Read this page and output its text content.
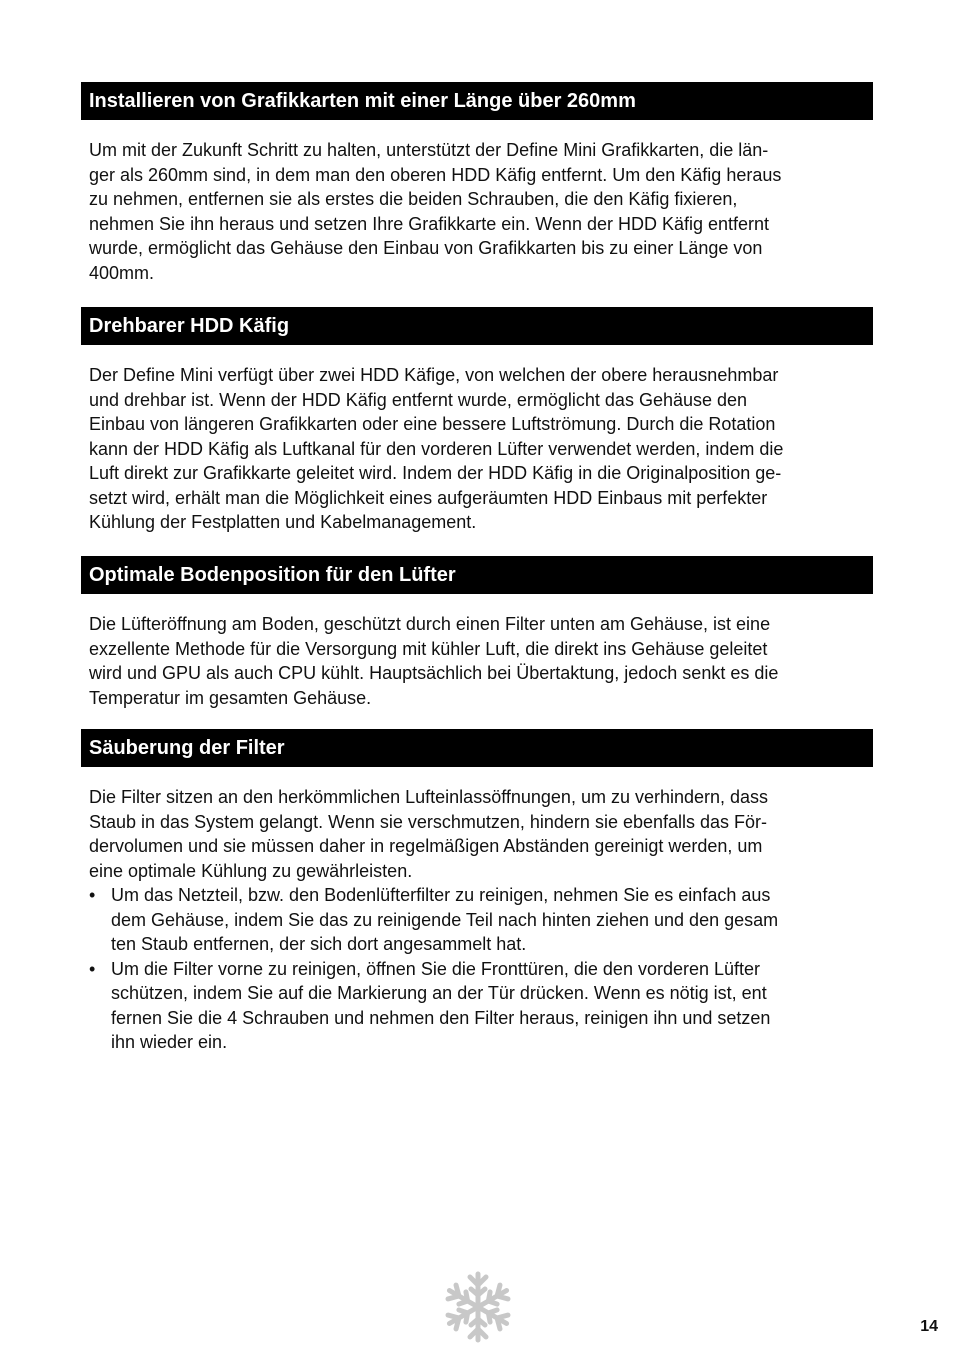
Installieren von Grafikkarten mit einer Länge über 260mm
Um mit der Zukunft Schritt zu halten, unterstützt der Define Mini Grafikkarten, die län-
ger als 260mm sind, in dem man den oberen HDD Käfig entfernt. Um den Käfig heraus
zu nehmen, entfernen sie als erstes die beiden Schrauben, die den Käfig fixieren,
nehmen Sie ihn heraus und setzen Ihre Grafikkarte ein. Wenn der HDD Käfig entfernt
wurde, ermöglicht das Gehäuse den Einbau von Grafikkarten bis zu einer Länge von
400mm.
Drehbarer HDD Käfig
Der Define Mini verfügt über zwei HDD Käfige, von welchen der obere herausnehmbar
und drehbar ist. Wenn der HDD Käfig entfernt wurde, ermöglicht das Gehäuse den
Einbau von längeren Grafikkarten oder eine bessere Luftströmung. Durch die Rotation
kann der HDD Käfig als Luftkanal für den vorderen Lüfter verwendet werden, indem die
Luft direkt zur Grafikkarte geleitet wird. Indem der HDD Käfig in die Originalposition ge-
setzt wird, erhält man die Möglichkeit eines aufgeräumten HDD Einbaus mit perfekter
Kühlung der Festplatten und Kabelmanagement.
Optimale Bodenposition für den Lüfter
Die Lüfteröffnung am Boden, geschützt durch einen Filter unten am Gehäuse, ist eine
exzellente Methode für die Versorgung mit kühler Luft, die direkt ins Gehäuse geleitet
wird und GPU als auch CPU kühlt. Hauptsächlich bei Übertaktung, jedoch senkt es die
Temperatur im gesamten Gehäuse.
Säuberung der Filter
Die Filter sitzen an den herkömmlichen Lufteinlassöffnungen, um zu verhindern, dass
Staub in das System gelangt. Wenn sie verschmutzen, hindern sie ebenfalls das För-
dervolumen und sie müssen daher in regelmäßigen Abständen gereinigt werden, um
eine optimale Kühlung zu gewährleisten.
• Um das Netzteil, bzw. den Bodenlüfterfilter zu reinigen, nehmen Sie es einfach aus
dem Gehäuse, indem Sie das zu reinigende Teil nach hinten ziehen und den gesam
ten Staub entfernen, der sich dort angesammelt hat.
• Um die Filter vorne zu reinigen, öffnen Sie die Fronttüren, die den vorderen Lüfter
schützen, indem Sie auf die Markierung an der Tür drücken. Wenn es nötig ist, ent
fernen Sie die 4 Schrauben und nehmen den Filter heraus, reinigen ihn und setzen
ihn wieder ein.
14
